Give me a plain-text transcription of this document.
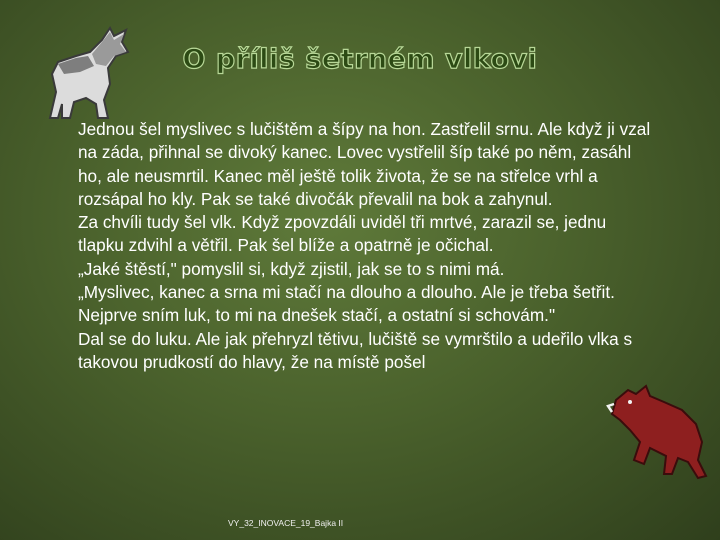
O příliš šetrném vlkovi
Jednou šel myslivec s lučištěm a šípy na hon. Zastřelil srnu. Ale když ji vzal na záda, přihnal se divoký kanec. Lovec vystřelil šíp také po něm, zasáhl ho, ale neusmrtil. Kanec měl ještě tolik života, že se na střelce vrhl a rozsápal ho kly. Pak se také divočák převalil na bok a zahynul.
Za chvíli tudy šel vlk. Když zpovzdáli uviděl tři mrtvé, zarazil se, jednu tlapku zdvihl a větřil. Pak šel blíže a opatrně je očichal.
„Jaké štěstí," pomyslil si, když zjistil, jak se to s nimi má.
„Myslivec, kanec a srna mi stačí na dlouho a dlouho. Ale je třeba šetřit. Nejprve sním luk, to mi na dnešek stačí, a ostatní si schovám."
Dal se do luku. Ale jak přehryzl tětivu, lučiště se vymrštilo a udeřilo vlka s takovou prudkostí do hlavy, že na místě pošel
VY_32_INOVACE_19_Bajka II
